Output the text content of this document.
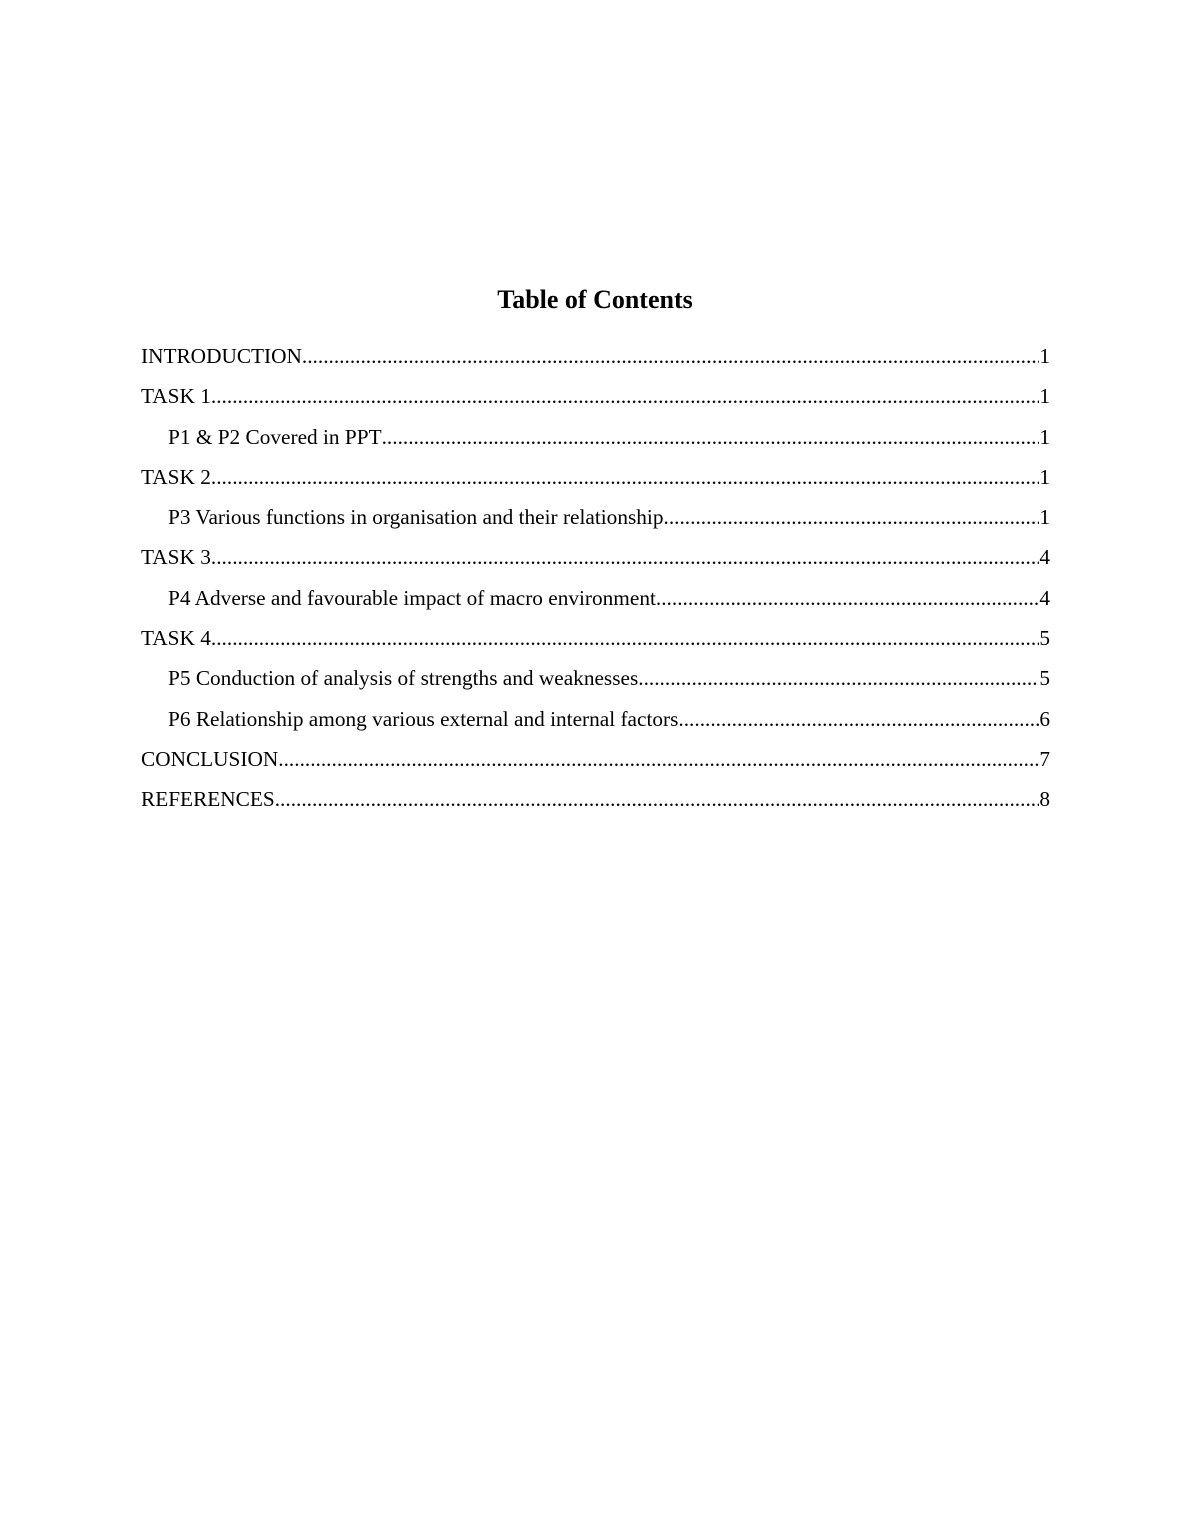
Table of Contents
INTRODUCTION .....	1
TASK 1 .....	1
P1 & P2 Covered in PPT .....	1
TASK 2 .....	1
P3 Various functions in organisation and their relationship .....	1
TASK 3 .....	4
P4 Adverse and favourable impact of macro environment .....	4
TASK 4 .....	5
P5 Conduction of analysis of strengths and weaknesses .....	5
P6 Relationship among various external and internal factors .....	6
CONCLUSION .....	7
REFERENCES .....	8
